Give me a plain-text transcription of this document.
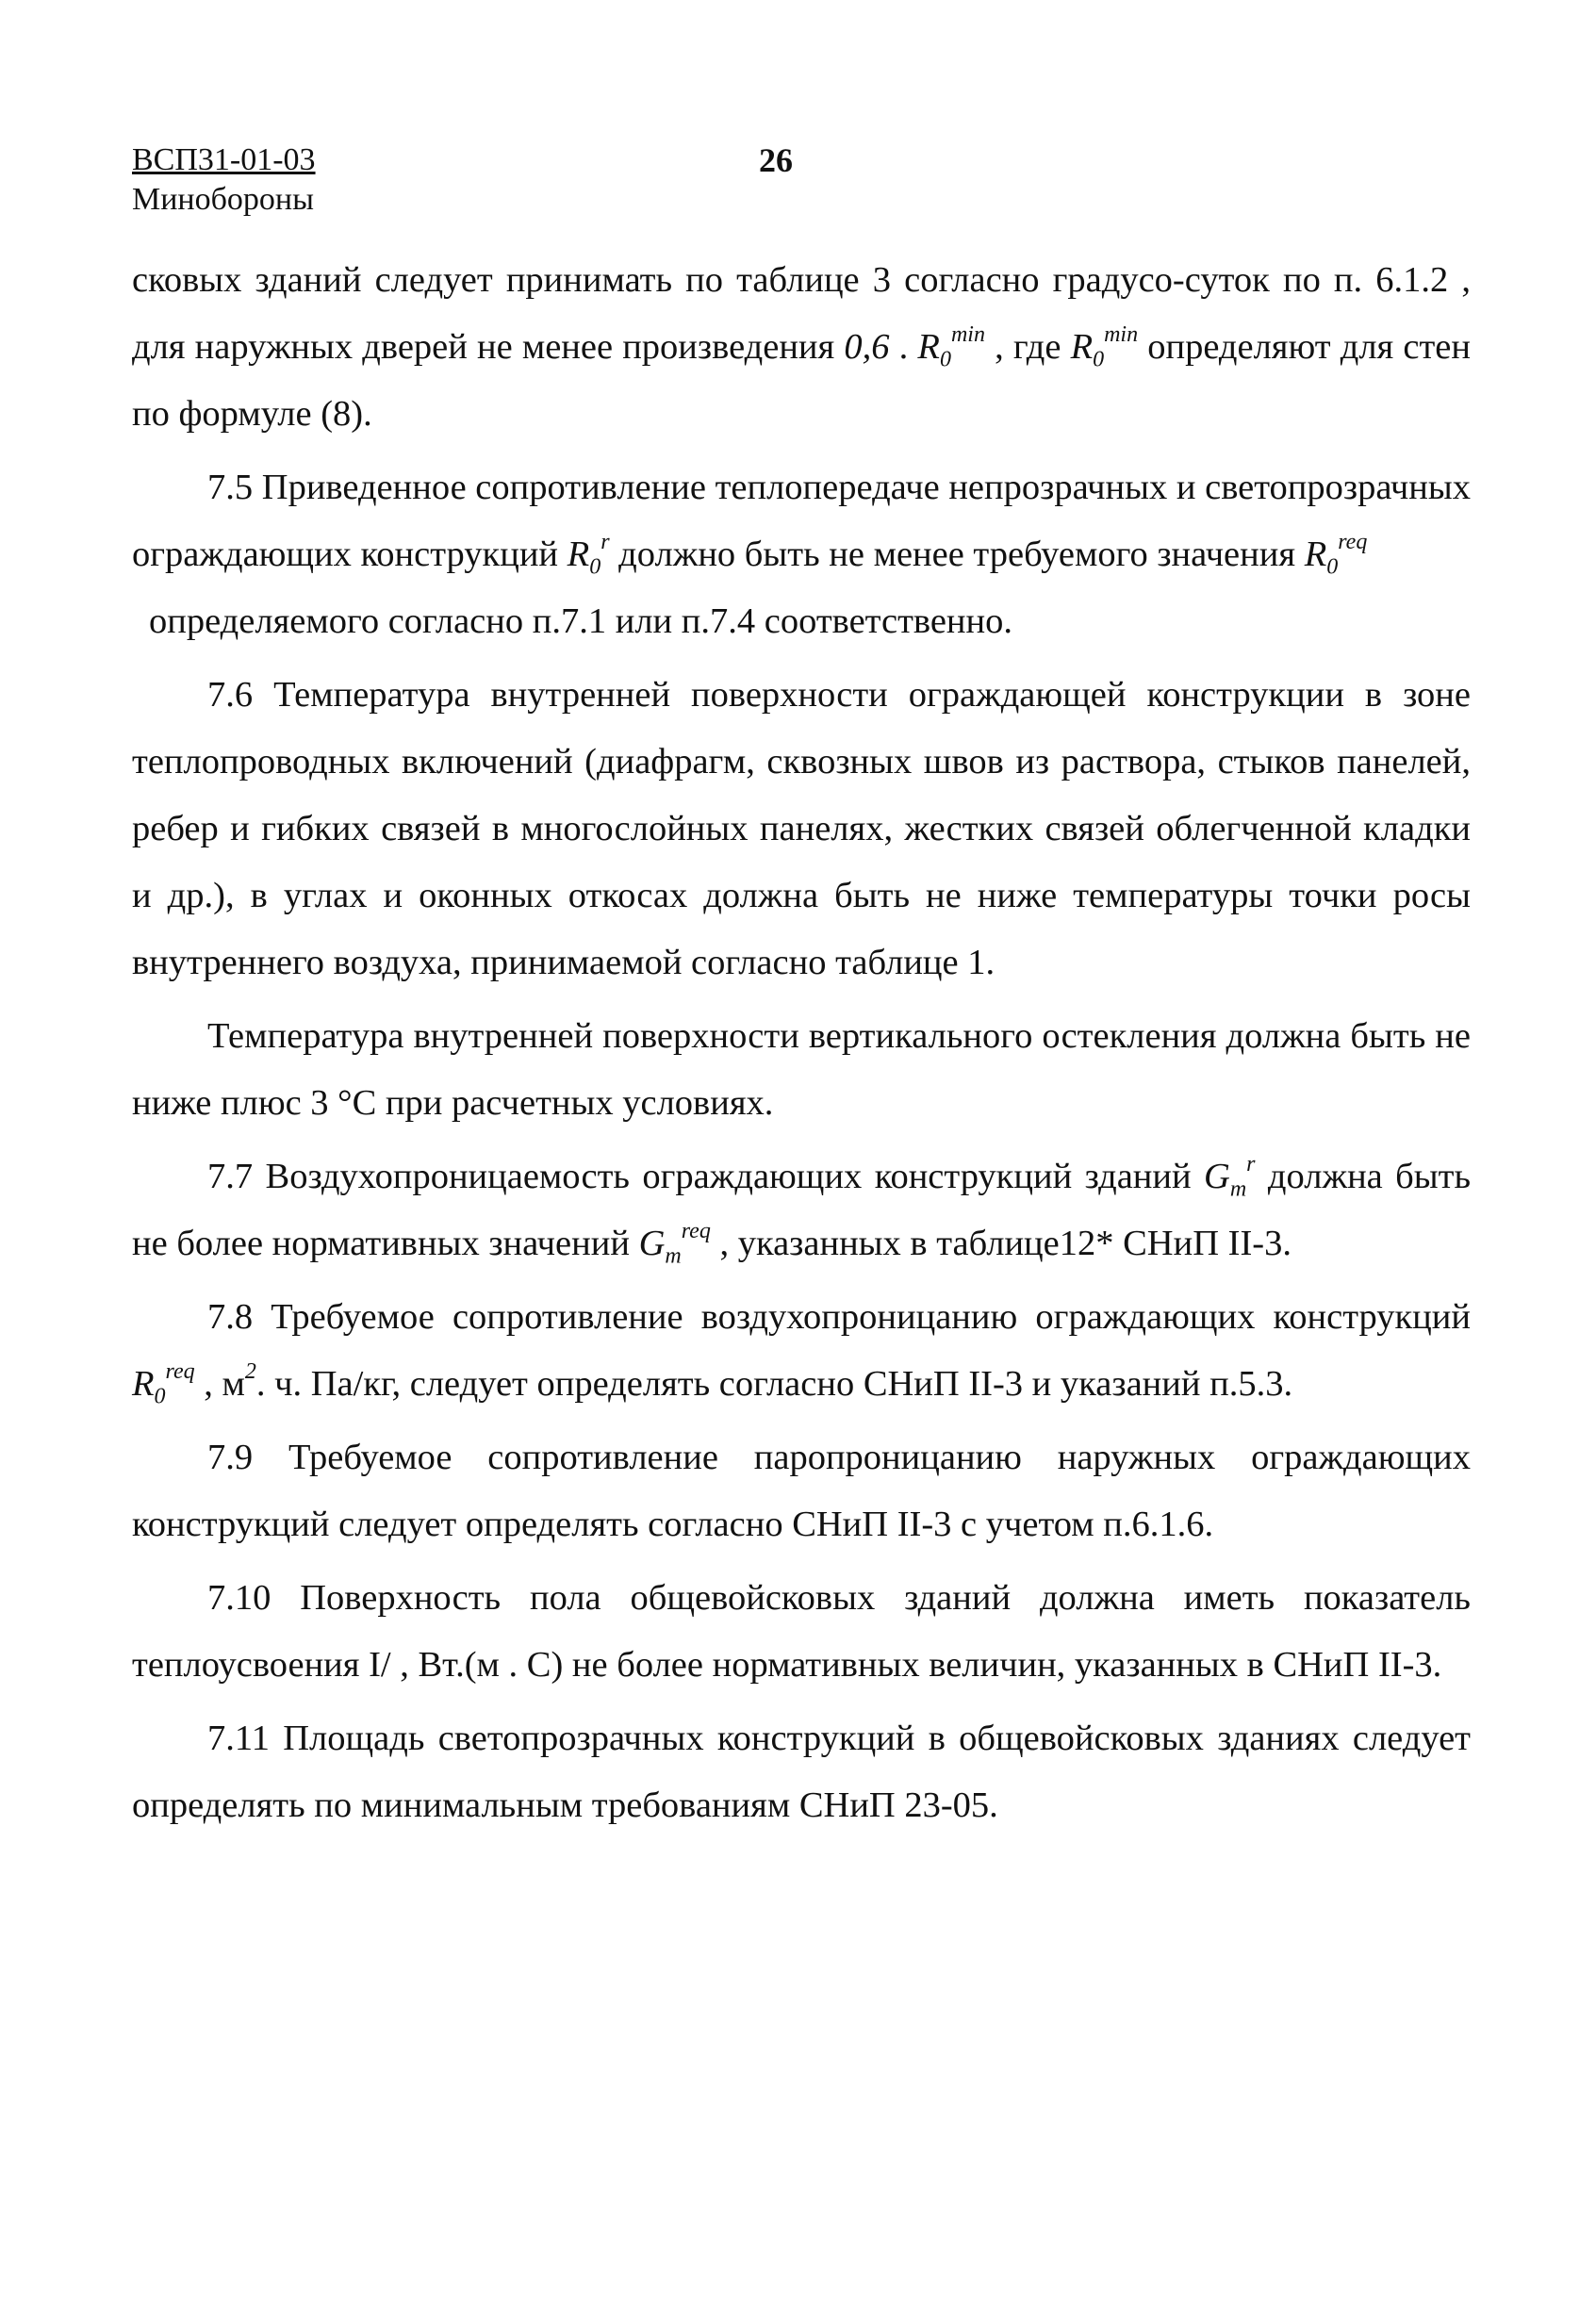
ВСП31-01-03
Минобороны
26

сковых зданий следует принимать по таблице 3 согласно градусо-суток по п. 6.1.2 , для наружных дверей не менее произведения 0,6 . $R_0^{min}$ , где $R_0^{min}$ определяют для стен по формуле (8).

7.5 Приведенное сопротивление теплопередаче непрозрачных и светопрозрачных ограждающих конструкций $R_0^r$ должно быть не менее требуемого значения $R_0^{req}$
определяемого согласно п.7.1 или п.7.4 соответственно.

7.6 Температура внутренней поверхности ограждающей конструкции в зоне теплопроводных включений (диафрагм, сквозных швов из раствора, стыков панелей, ребер и гибких связей в многослойных панелях, жестких связей облегченной кладки и др.), в углах и оконных откосах должна быть не ниже температуры точки росы внутреннего воздуха, принимаемой согласно таблице 1.

Температура внутренней поверхности вертикального остекления должна быть не ниже плюс 3 °С при расчетных условиях.

7.7 Воздухопроницаемость ограждающих конструкций зданий $G_m^r$ должна быть не более нормативных значений $G_m^{req}$ , указанных в таблице12* СНиП II-3.

7.8 Требуемое сопротивление воздухопроницанию ограждающих конструкций $R_0^{req}$ , $м^2$. ч. Па/кг, следует определять согласно СНиП II-3 и указаний п.5.3.

7.9 Требуемое сопротивление паропроницанию наружных ограждающих конструкций следует определять согласно СНиП II-3 с учетом п.6.1.6.

7.10 Поверхность пола общевойсковых зданий должна иметь показатель теплоусвоения I/ , Вт.(м . С) не более нормативных величин, указанных в СНиП II-3.

7.11 Площадь светопрозрачных конструкций в общевойсковых зданиях следует определять по минимальным требованиям СНиП 23-05.
